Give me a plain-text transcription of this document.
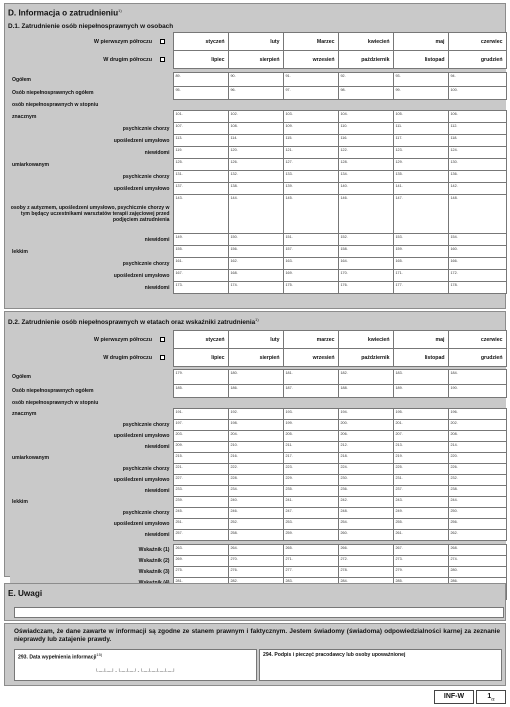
D. Informacja o zatrudnieniu$^{1)}$
D.1. Zatrudnienie osób niepełnosprawnych w osobach
W pierwszym półroczu			styczeń	luty	Marzec	kwiecień	maj	czerwiec
W drugim półroczu			lipiec	sierpień	wrzesień	październik	listopad	grudzień

Ogółem			89.	90.	91.	92.	93.	94.
Osób niepełnosprawnych ogółem			95.	96.	97.	98.	99.	100.
osób niepełnosprawnych w stopniu								
znacznym			101.	102.	103.	104.	105.	106.
psychicznie chorzy			107.	108.	109.	110.	111.	112.
upośledzeni umysłowo			113.	114.	115.	116.	117.	118.
niewidomi			119.	120.	121.	122.	123.	124.
umiarkowanym			125.	126.	127.	128.	129.	130.
psychicznie chorzy			131.	132.	133.	134.	135.	136.
upośledzeni umysłowo			137.	138.	139.	140.	141.	142.
osoby z autyzmem, upośledzeni umysłowo, psychicznie chorzy w tym będący uczestnikami warsztatów terapii zajęciowej przed podjęciem zatrudnienia			143.	144.	145.	146.	147.	148.
niewidomi			149.	150.	151.	152.	153.	154.
lekkim			155.	156.	157.	158.	159.	160.
psychicznie chorzy			161.	162.	163.	164.	165.	166.
upośledzeni umysłowo			167.	168.	169.	170.	171.	172.
niewidomi			173.	174.	175.	176.	177.	178.
D.2. Zatrudnienie osób niepełnosprawnych w etatach oraz wskaźniki zatrudnienia$^{1)}$
W pierwszym półroczu			styczeń	luty	marzec	kwiecień	maj	czerwiec
W drugim półroczu			lipiec	sierpień	wrzesień	październik	listopad	grudzień

Ogółem			179.	180.	181.	182.	183.	184.
Osób niepełnosprawnych ogółem			185.	186.	187.	188.	189.	190.
osób niepełnosprawnych w stopniu								
znacznym			191.	192.	193.	194.	195.	196.
psychicznie chorzy			197.	198.	199.	200.	201.	202.
upośledzeni umysłowo			203.	204.	205.	206.	207.	208.
niewidomi			209.	210.	211.	212.	213.	214.
umiarkowanym			215.	216.	217.	218.	219.	220.
psychicznie chorzy			221.	222.	223.	224.	225.	226.
upośledzeni umysłowo			227.	228.	229.	230.	231.	232.
niewidomi			233.	234.	235.	236.	237.	238.
lekkim			239.	240.	241.	242.	243.	244.
psychicznie chorzy			245.	246.	247.	248.	249.	250.
upośledzeni umysłowo			251.	252.	253.	254.	255.	256.
niewidomi			257.	258.	259.	260.	261.	262.

Wskaźnik (1)			263.	264.	265.	266.	267.	268.
Wskaźnik (2)			269.	270.	271.	272.	273.	274.
Wskaźnik (3)			275.	276.	277.	278.	279.	280.
	281.	282.	283.	284.	285.	286.

E. Uwagi
Oświadczam, że dane zawarte w informacji są zgodne ze stanem prawnym i faktycznym. Jestem świadomy (świadoma) odpowiedzialności karnej za zeznanie nieprawdy lub zatajenie prawdy.
293. Data wypełnienia informacji$^{15)}$
└─┴─┘-└─┴─┘-└─┴─┴─┴─┘
294. Podpis i pieczęć pracodawcy lub osoby upoważnionej
INF-W	$1_{/2}$
